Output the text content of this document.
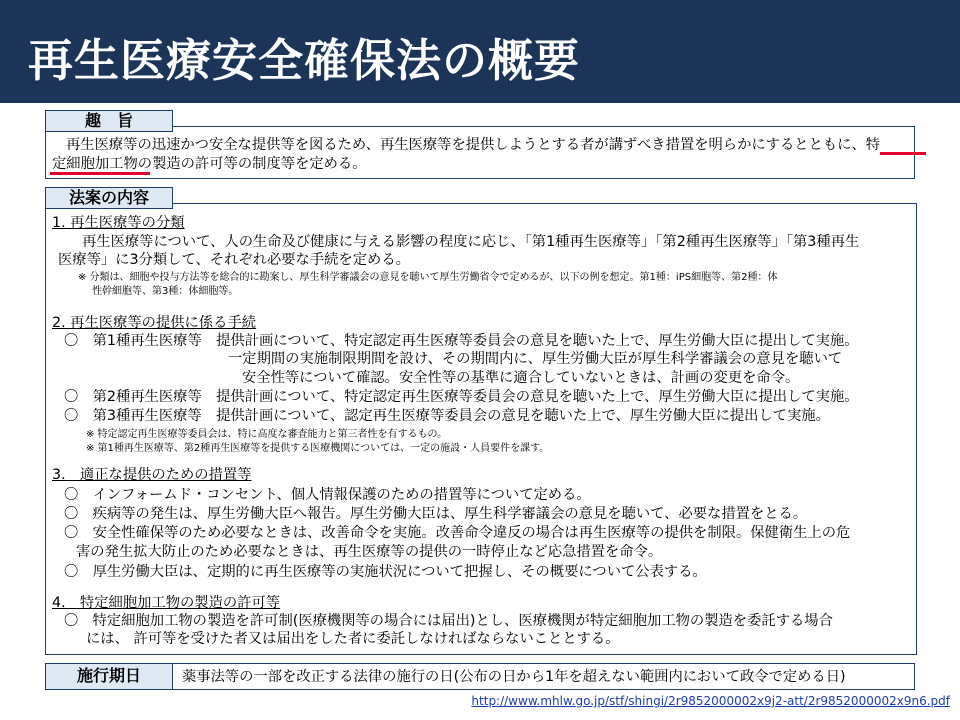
再生医療安全確保法の概要
趣　旨
再生医療等の迅速かつ安全な提供等を図るため、再生医療等を提供しようとする者が講ずべき措置を明らかにするとともに、特
定細胞加工物の製造の許可等の制度等を定める。
法案の内容
1. 再生医療等の分類
再生医療等について、人の生命及び健康に与える影響の程度に応じ、「第1種再生医療等」「第2種再生医療等」「第3種再生
医療等」に3分類して、それぞれ必要な手続を定める。
※ 分類は、細胞や投与方法等を総合的に勘案し、厚生科学審議会の意見を聴いて厚生労働省令で定めるが、以下の例を想定。第1種：iPS細胞等、第2種：体
性幹細胞等、第3種：体細胞等。
2. 再生医療等の提供に係る手続
〇　第1種再生医療等　提供計画について、特定認定再生医療等委員会の意見を聴いた上で、厚生労働大臣に提出して実施。
一定期間の実施制限期間を設け、その期間内に、厚生労働大臣が厚生科学審議会の意見を聴いて
安全性等について確認。安全性等の基準に適合していないときは、計画の変更を命令。
〇　第2種再生医療等　提供計画について、特定認定再生医療等委員会の意見を聴いた上で、厚生労働大臣に提出して実施。
〇　第3種再生医療等　提供計画について、認定再生医療等委員会の意見を聴いた上で、厚生労働大臣に提出して実施。
※ 特定認定再生医療等委員会は、特に高度な審査能力と第三者性を有するもの。
※ 第1種再生医療等、第2種再生医療等を提供する医療機関については、一定の施設・人員要件を課す。
3.　適正な提供のための措置等
〇　インフォームド・コンセント、個人情報保護のための措置等について定める。
〇　疾病等の発生は、厚生労働大臣へ報告。厚生労働大臣は、厚生科学審議会の意見を聴いて、必要な措置をとる。
〇　安全性確保等のため必要なときは、改善命令を実施。改善命令違反の場合は再生医療等の提供を制限。保健衛生上の危
害の発生拡大防止のため必要なときは、再生医療等の提供の一時停止など応急措置を命令。
〇　厚生労働大臣は、定期的に再生医療等の実施状況について把握し、その概要について公表する。
4.　特定細胞加工物の製造の許可等
〇　特定細胞加工物の製造を許可制(医療機関等の場合には届出)とし、医療機関が特定細胞加工物の製造を委託する場合
には、 許可等を受けた者又は届出をした者に委託しなければならないこととする。
施行期日	薬事法等の一部を改正する法律の施行の日(公布の日から1年を超えない範囲内において政令で定める日)
http://www.mhlw.go.jp/stf/shingi/2r9852000002x9j2-att/2r9852000002x9n6.pdf
